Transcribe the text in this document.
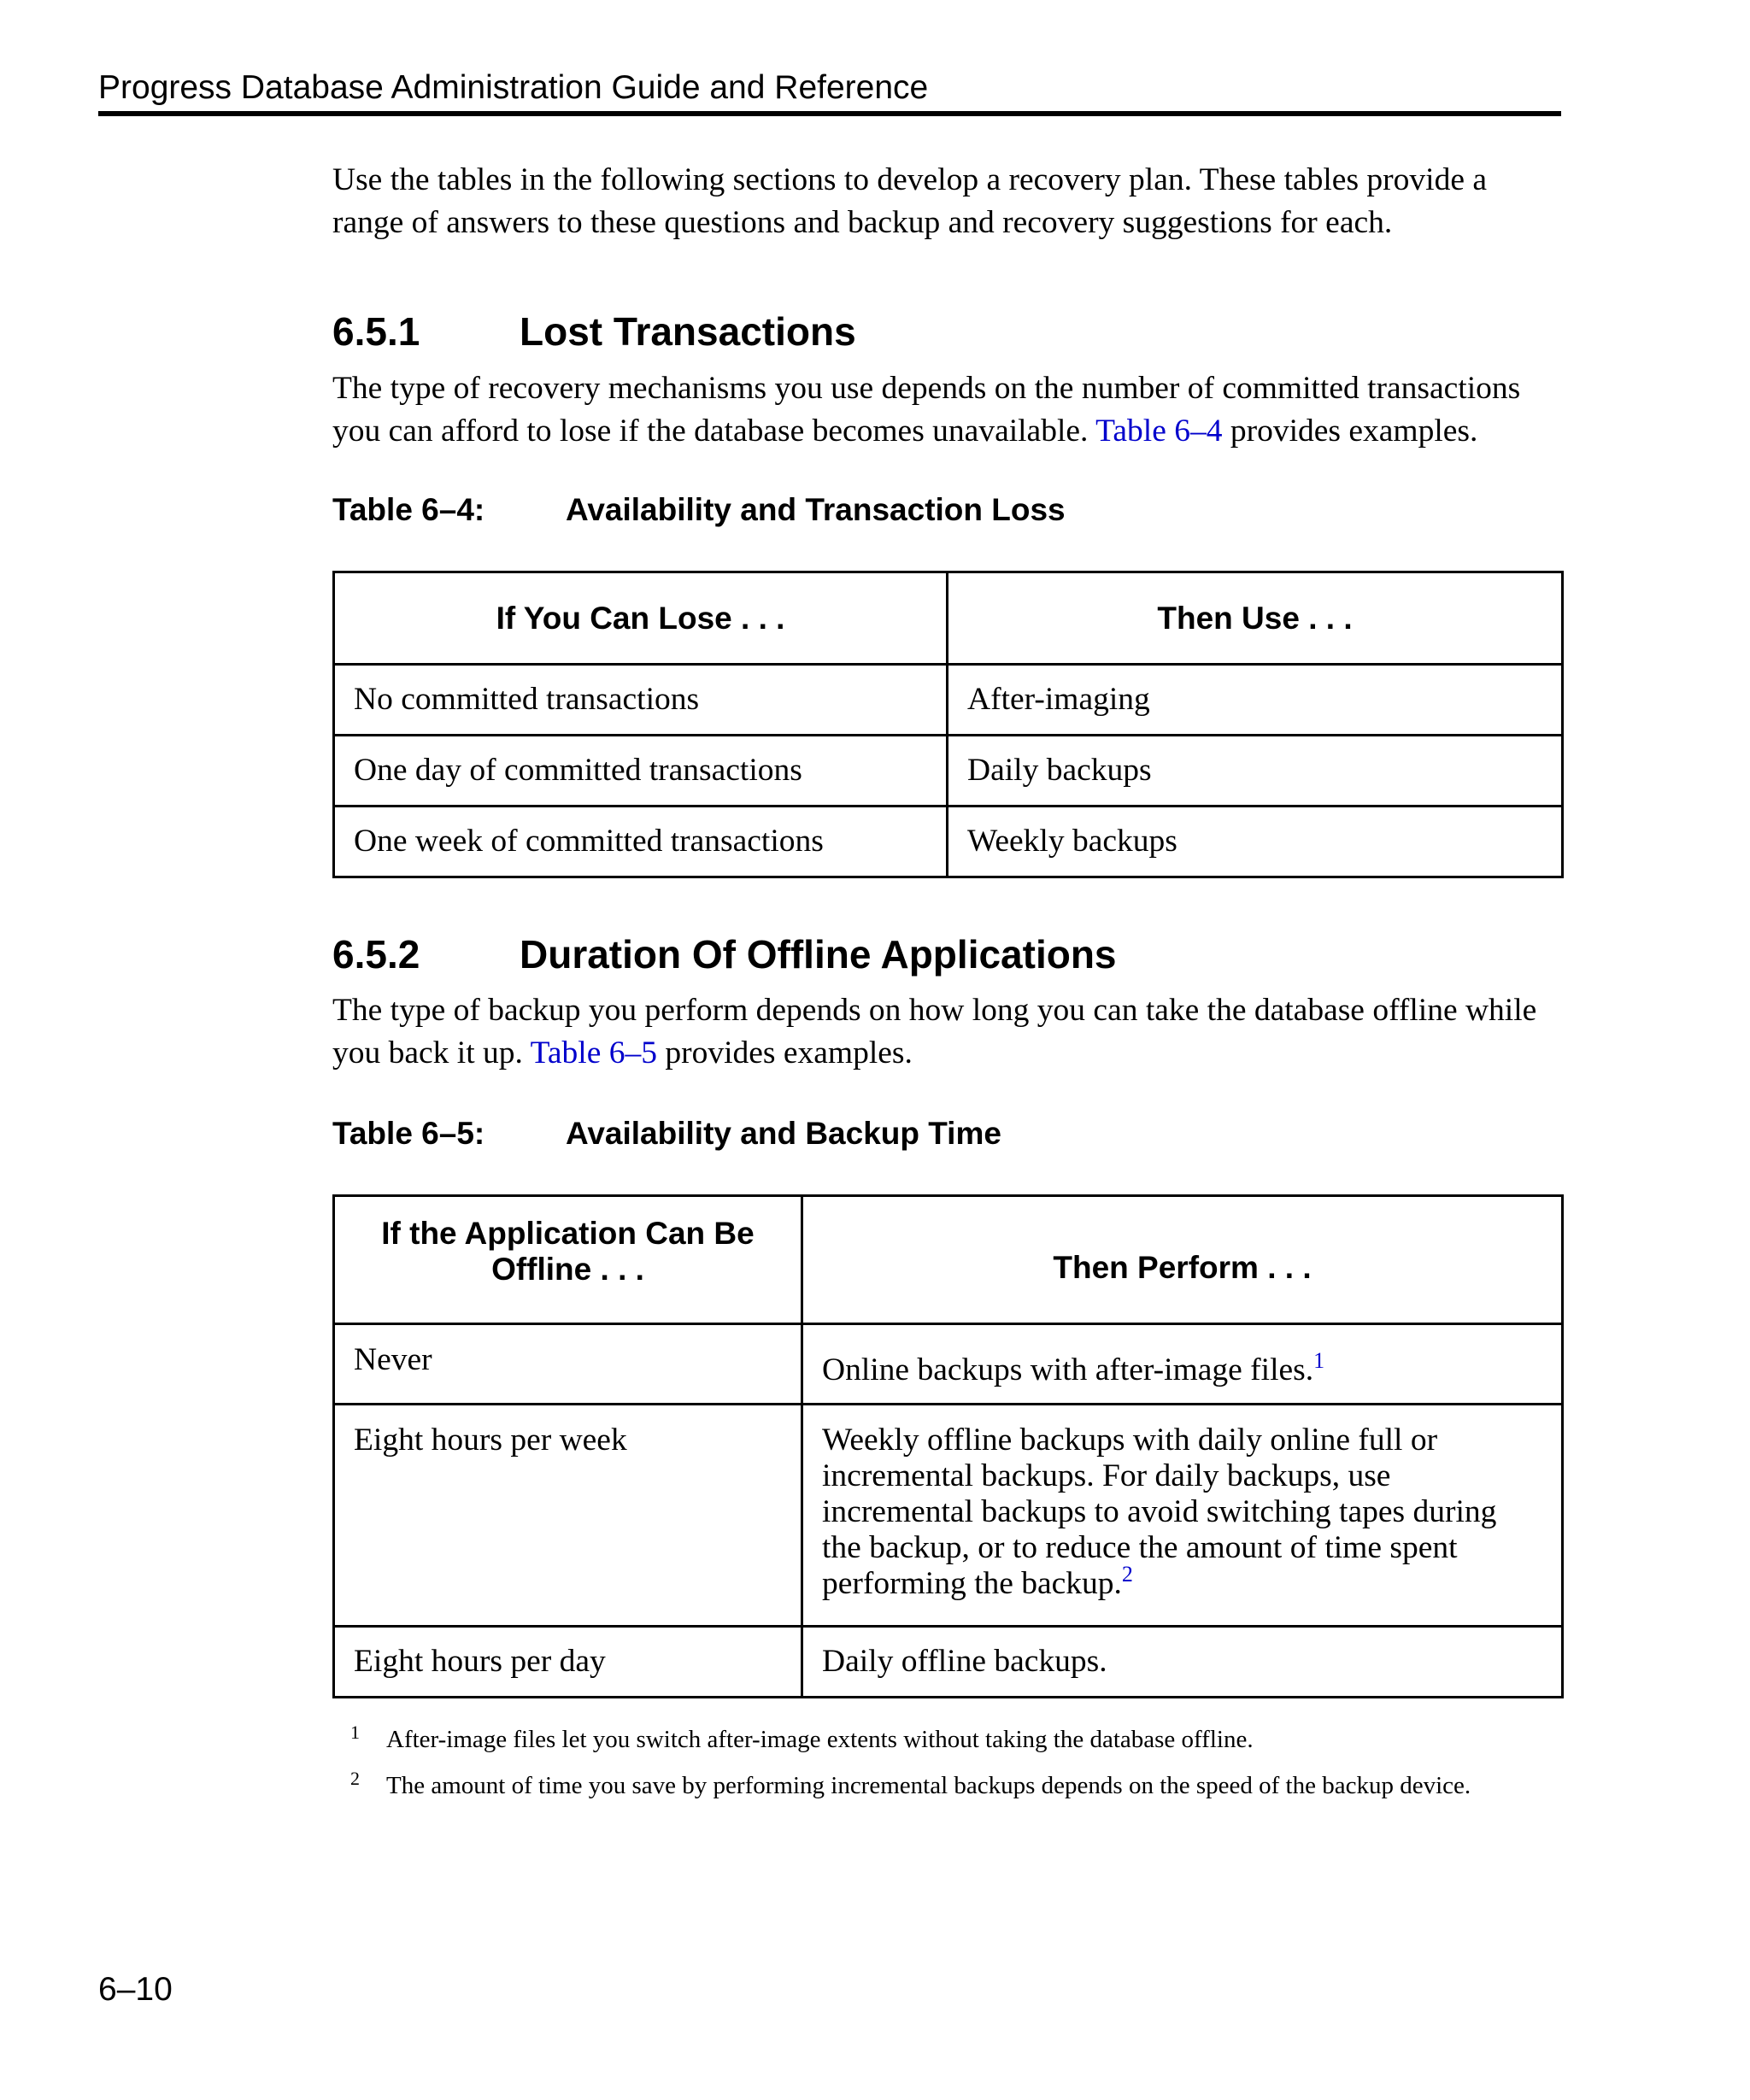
Progress Database Administration Guide and Reference

Use the tables in the following sections to develop a recovery plan. These tables provide a range of answers to these questions and backup and recovery suggestions for each.

6.5.1	Lost Transactions

The type of recovery mechanisms you use depends on the number of committed transactions you can afford to lose if the database becomes unavailable. Table 6–4 provides examples.

Table 6–4:	Availability and Transaction Loss
If You Can Lose . . .	Then Use . . .
No committed transactions	After-imaging
One day of committed transactions	Daily backups
One week of committed transactions	Weekly backups
6.5.2	Duration Of Offline Applications

The type of backup you perform depends on how long you can take the database offline while you back it up. Table 6–5 provides examples.

Table 6–5:	Availability and Backup Time
If the Application Can Be Offline . . .	Then Perform . . .
Never	Online backups with after-image files.$^1$
Eight hours per week	Weekly offline backups with daily online full or incremental backups. For daily backups, use incremental backups to avoid switching tapes during the backup, or to reduce the amount of time spent performing the backup.$^2$
Eight hours per day	Daily offline backups.
1 After-image files let you switch after-image extents without taking the database offline.
2 The amount of time you save by performing incremental backups depends on the speed of the backup device.
6–10
